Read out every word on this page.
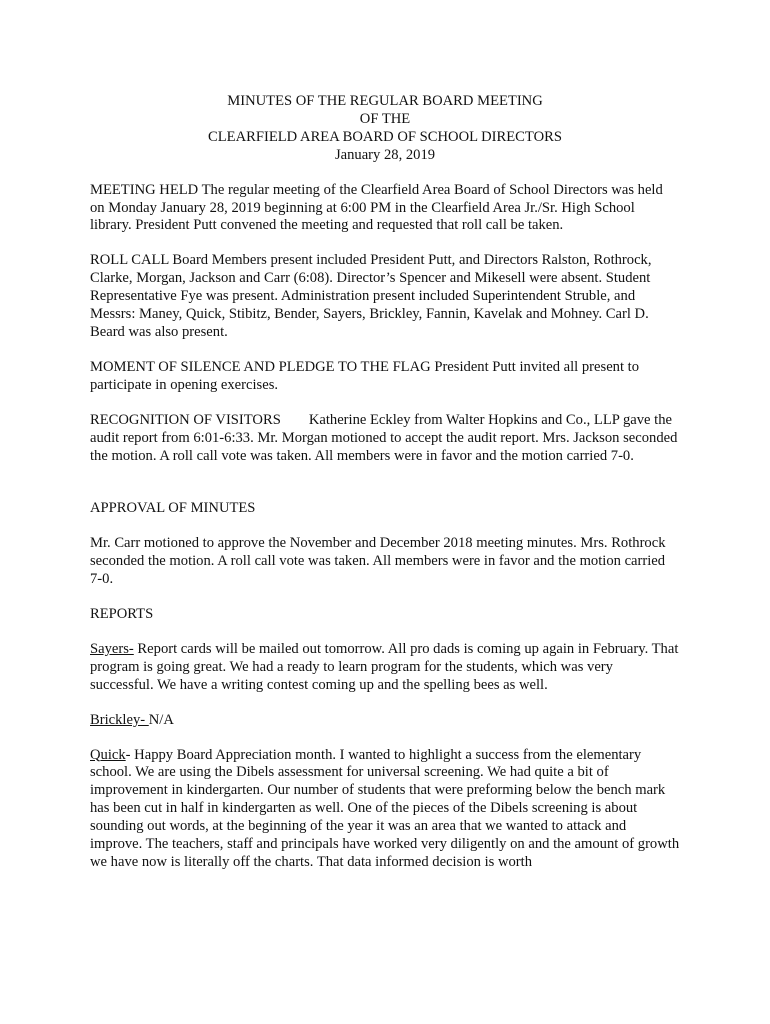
MINUTES OF THE REGULAR BOARD MEETING
OF THE
CLEARFIELD AREA BOARD OF SCHOOL DIRECTORS
January 28, 2019

MEETING HELD The regular meeting of the Clearfield Area Board of School Directors was held on Monday January 28, 2019 beginning at 6:00 PM in the Clearfield Area Jr./Sr. High School library. President Putt convened the meeting and requested that roll call be taken.

ROLL CALL Board Members present included President Putt, and Directors Ralston, Rothrock, Clarke, Morgan, Jackson and Carr (6:08). Director’s Spencer and Mikesell were absent. Student Representative Fye was present. Administration present included Superintendent Struble, and Messrs: Maney, Quick, Stibitz, Bender, Sayers, Brickley, Fannin, Kavelak and Mohney. Carl D. Beard was also present.

MOMENT OF SILENCE AND PLEDGE TO THE FLAG President Putt invited all present to participate in opening exercises.

RECOGNITION OF VISITORS Katherine Eckley from Walter Hopkins and Co., LLP gave the audit report from 6:01-6:33. Mr. Morgan motioned to accept the audit report. Mrs. Jackson seconded the motion. A roll call vote was taken. All members were in favor and the motion carried 7-0.

APPROVAL OF MINUTES

Mr. Carr motioned to approve the November and December 2018 meeting minutes. Mrs. Rothrock seconded the motion. A roll call vote was taken. All members were in favor and the motion carried 7-0.

REPORTS

Sayers- Report cards will be mailed out tomorrow. All pro dads is coming up again in February. That program is going great. We had a ready to learn program for the students, which was very successful. We have a writing contest coming up and the spelling bees as well.

Brickley- N/A

Quick- Happy Board Appreciation month. I wanted to highlight a success from the elementary school. We are using the Dibels assessment for universal screening. We had quite a bit of improvement in kindergarten. Our number of students that were preforming below the bench mark has been cut in half in kindergarten as well. One of the pieces of the Dibels screening is about sounding out words, at the beginning of the year it was an area that we wanted to attack and improve. The teachers, staff and principals have worked very diligently on and the amount of growth we have now is literally off the charts. That data informed decision is worth
